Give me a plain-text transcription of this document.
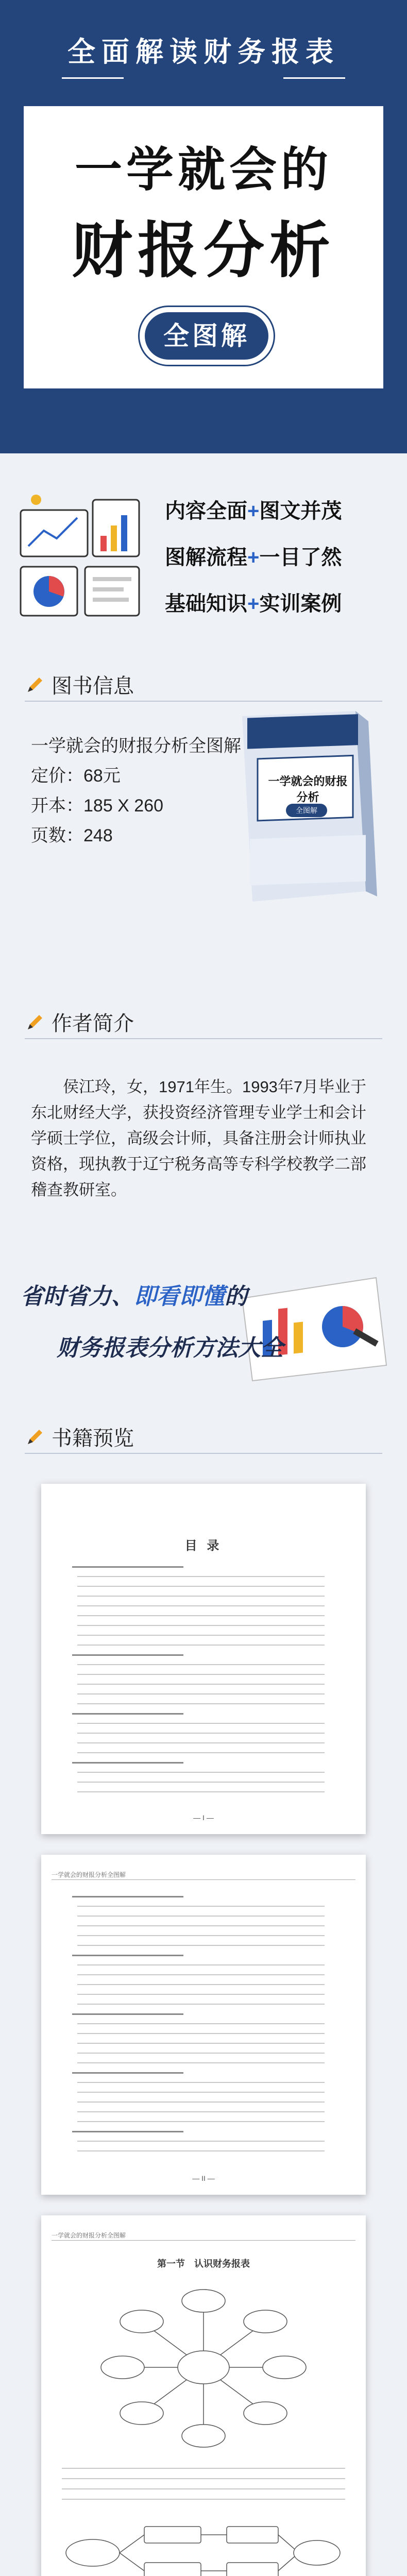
全面解读财务报表
一学就会的
财报分析
全图解
内容全面+图文并茂
图解流程+一目了然
基础知识+实训案例
图书信息
一学就会的财报分析全图解
定价：68元
开本：185 X 260
页数：248
一学就会的财报分析
全图解
作者简介
侯江玲，女，1971年生。1993年7月毕业于东北财经大学，获投资经济管理专业学士和会计学硕士学位，高级会计师，具备注册会计师执业资格，现执教于辽宁税务高等专科学校教学二部稽查教研室。
省时省力、即看即懂的
财务报表分析方法大全
书籍预览
目 录
— I —
一学就会的财报分析全图解
— II —
一学就会的财报分析全图解
第一节　认识财务报表
